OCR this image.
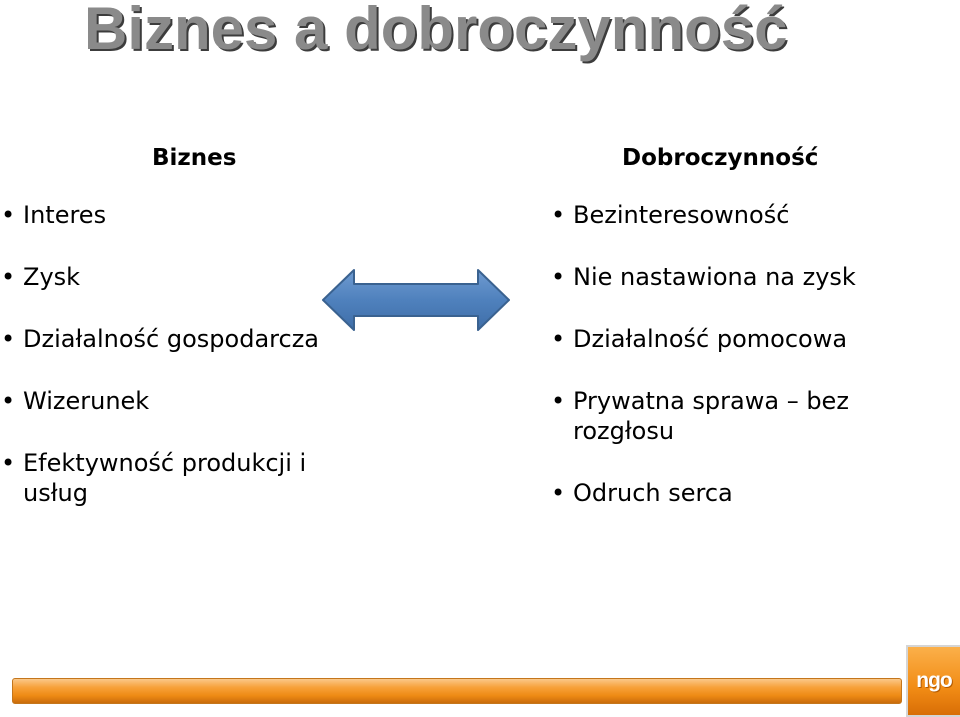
Biznes a dobroczynność
Biznes	Dobroczynność
• Interes
• Zysk
• Działalność gospodarcza
• Wizerunek
• Efektywność produkcji i usług
• Bezinteresowność
• Nie nastawiona na zysk
• Działalność pomocowa
• Prywatna sprawa – bez rozgłosu
• Odruch serca
ngo
